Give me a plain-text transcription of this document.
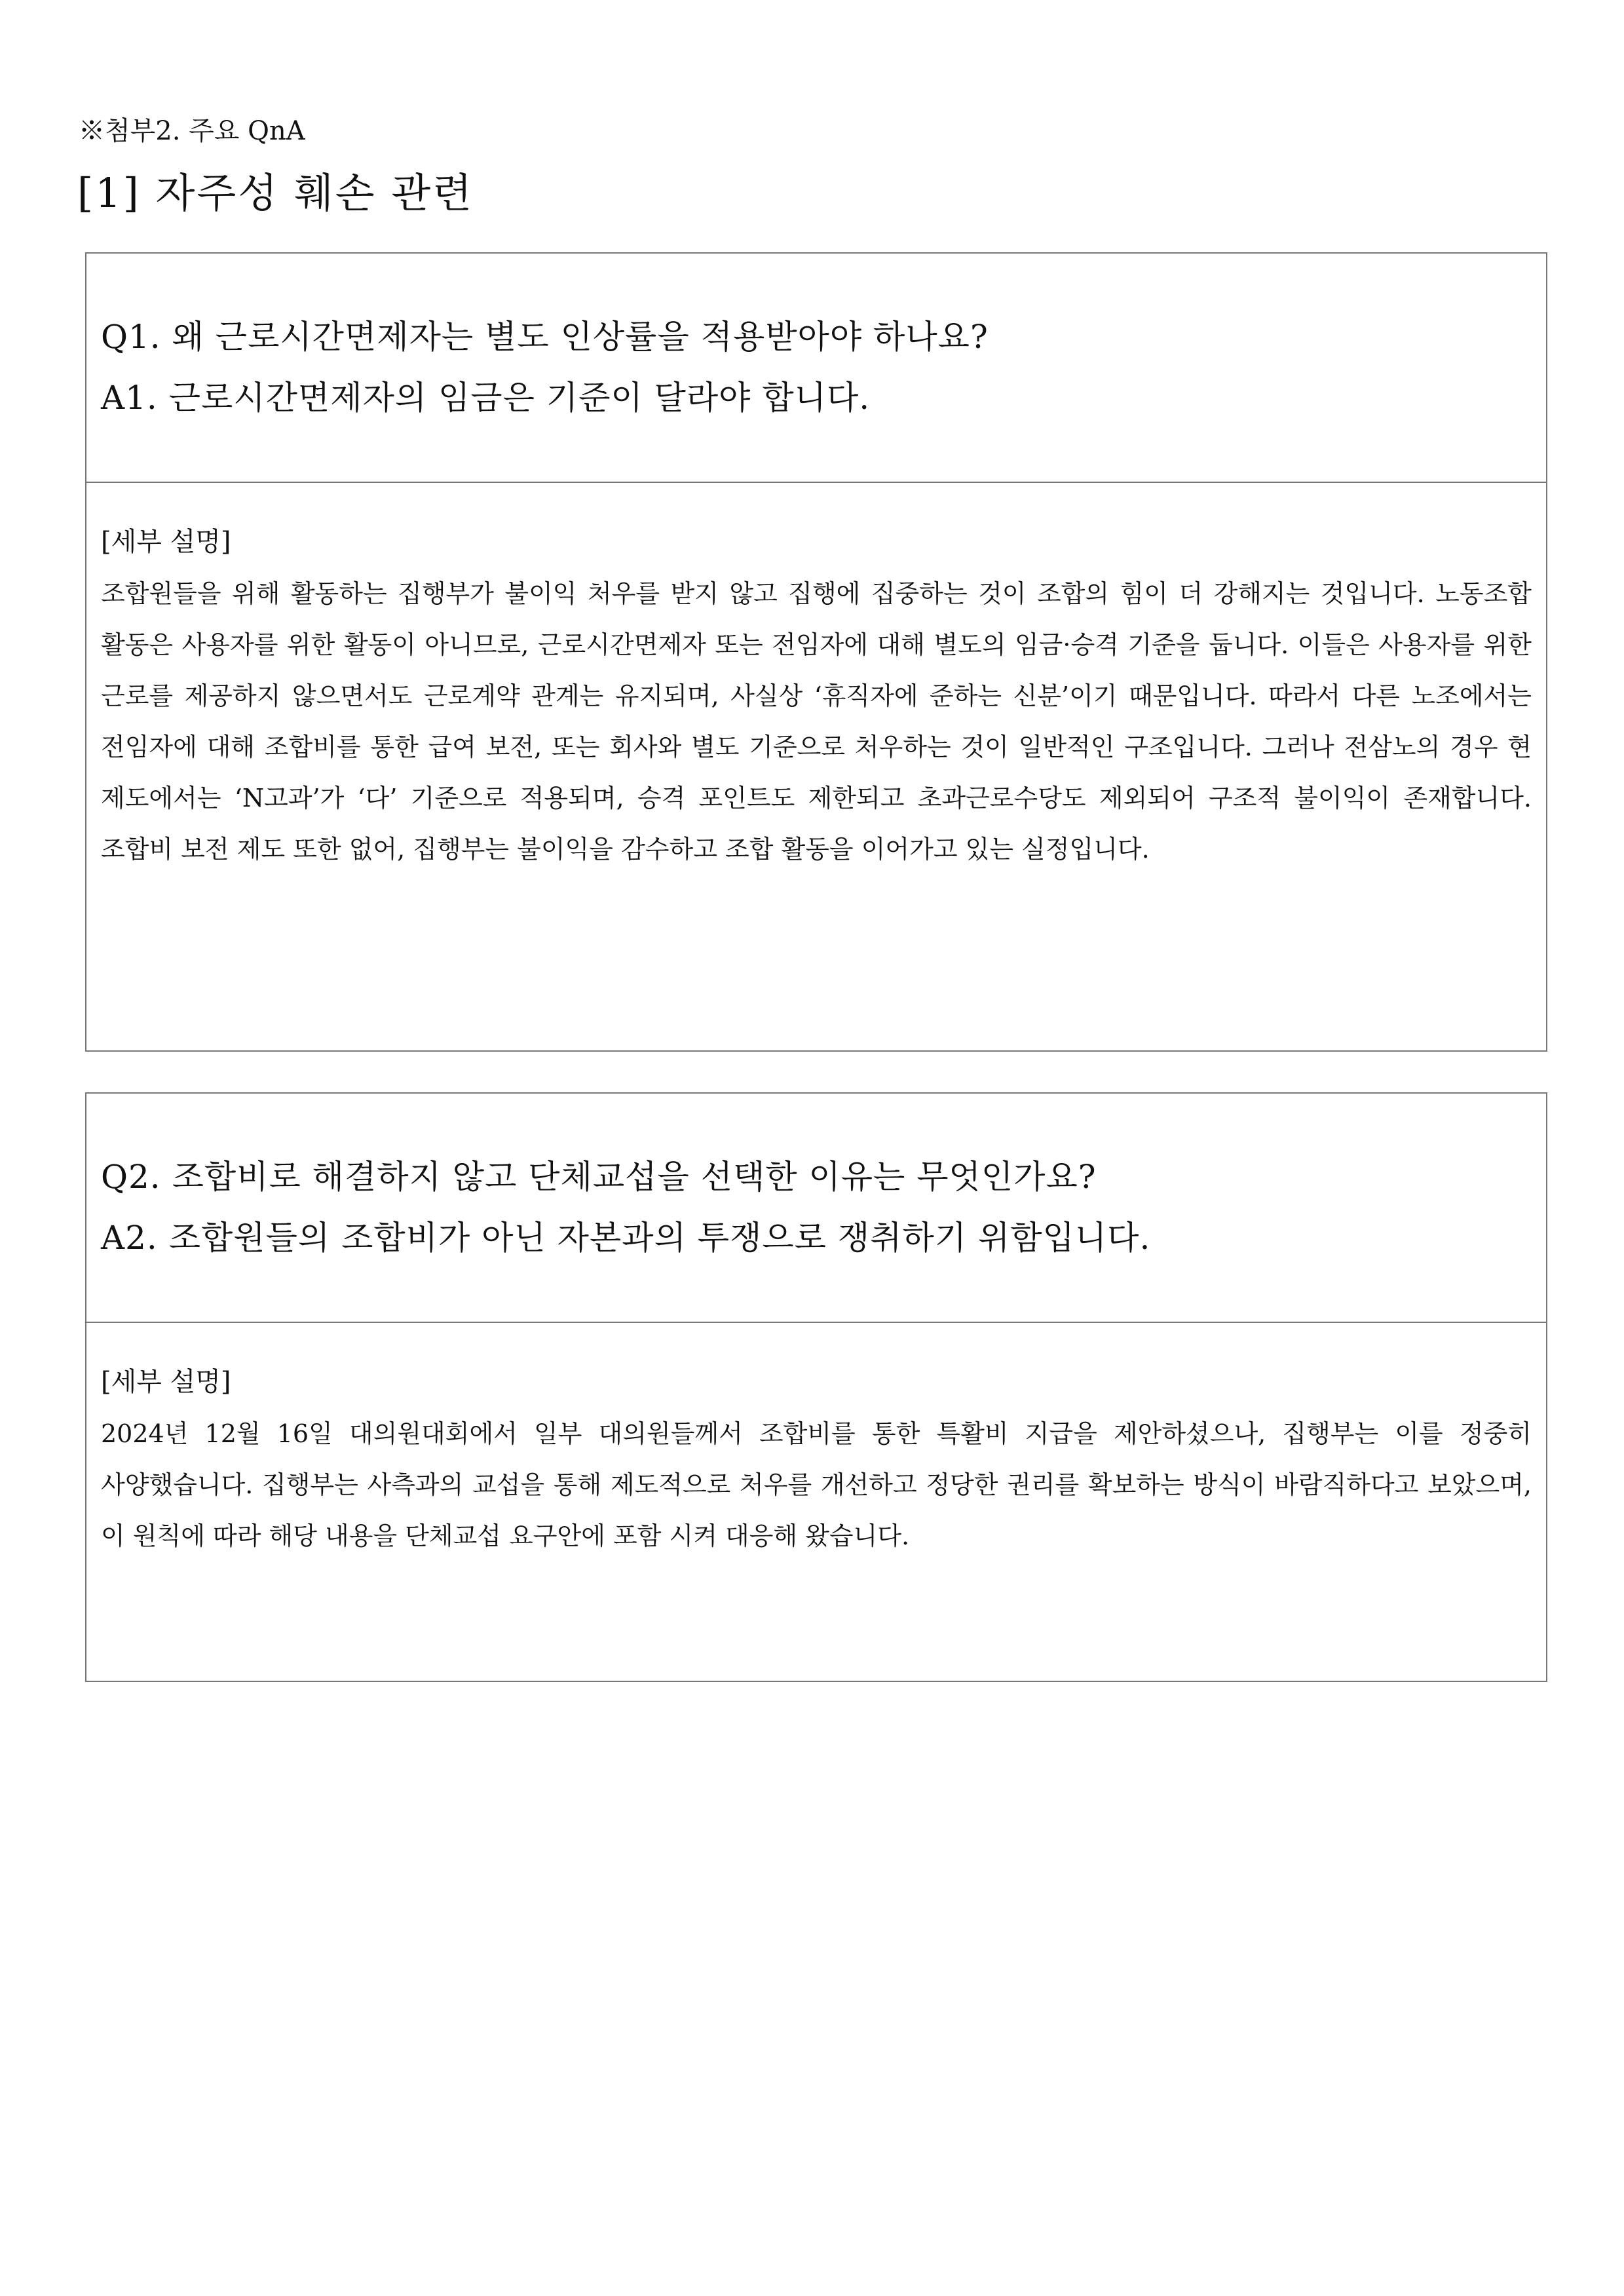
※첨부2. 주요 QnA
[1] 자주성 훼손 관련
Q1. 왜 근로시간면제자는 별도 인상률을 적용받아야 하나요?
A1. 근로시간면제자의 임금은 기준이 달라야 합니다.
[세부 설명]
조합원들을 위해 활동하는 집행부가 불이익 처우를 받지 않고 집행에 집중하는 것이 조합의 힘이 더 강해지는 것입니다. 노동조합 활동은 사용자를 위한 활동이 아니므로, 근로시간면제자 또는 전임자에 대해 별도의 임금·승격 기준을 둡니다. 이들은 사용자를 위한 근로를 제공하지 않으면서도 근로계약 관계는 유지되며, 사실상 ‘휴직자에 준하는 신분’이기 때문입니다. 따라서 다른 노조에서는 전임자에 대해 조합비를 통한 급여 보전, 또는 회사와 별도 기준으로 처우하는 것이 일반적인 구조입니다. 그러나 전삼노의 경우 현 제도에서는 ‘N고과’가 ‘다’ 기준으로 적용되며, 승격 포인트도 제한되고 초과근로수당도 제외되어 구조적 불이익이 존재합니다. 조합비 보전 제도 또한 없어, 집행부는 불이익을 감수하고 조합 활동을 이어가고 있는 실정입니다.
Q2. 조합비로 해결하지 않고 단체교섭을 선택한 이유는 무엇인가요?
A2. 조합원들의 조합비가 아닌 자본과의 투쟁으로 쟁취하기 위함입니다.
[세부 설명]
2024년 12월 16일 대의원대회에서 일부 대의원들께서 조합비를 통한 특활비 지급을 제안하셨으나, 집행부는 이를 정중히 사양했습니다. 집행부는 사측과의 교섭을 통해 제도적으로 처우를 개선하고 정당한 권리를 확보하는 방식이 바람직하다고 보았으며, 이 원칙에 따라 해당 내용을 단체교섭 요구안에 포함 시켜 대응해 왔습니다.
